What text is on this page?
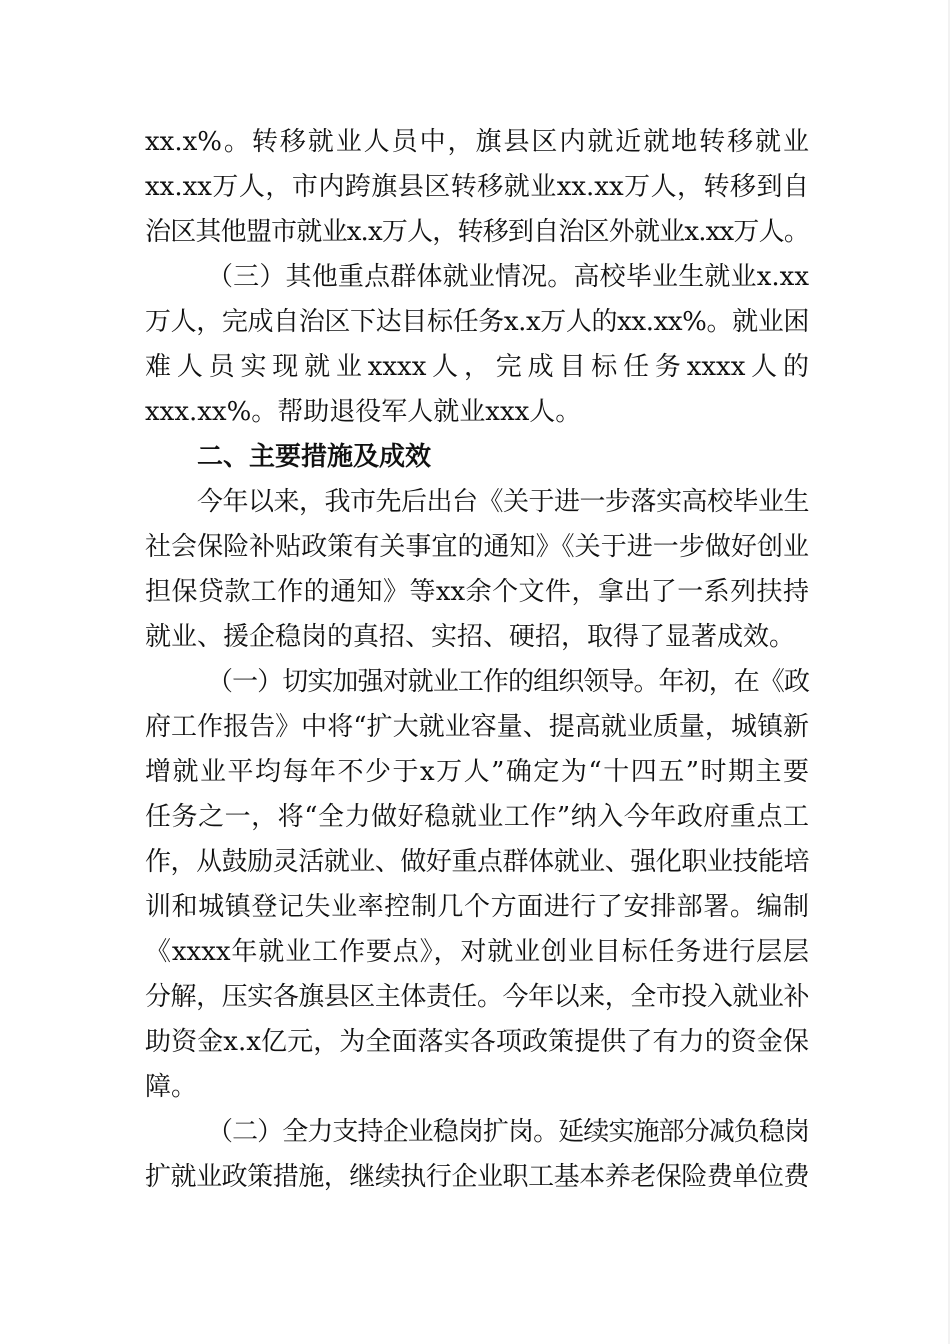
xx.x%。转移就业人员中，旗县区内就近就地转移就业

xx.xx万人，市内跨旗县区转移就业xx.xx万人，转移到自

治区其他盟市就业x.x万人，转移到自治区外就业x.xx万人。

（三）其他重点群体就业情况。高校毕业生就业x.xx

万人，完成自治区下达目标任务x.x万人的xx.xx%。就业困

难人员实现就业xxxx人，完成目标任务xxxx人的

xxx.xx%。帮助退役军人就业xxx人。

二、主要措施及成效

今年以来，我市先后出台《关于进一步落实高校毕业生

社会保险补贴政策有关事宜的通知》《关于进一步做好创业

担保贷款工作的通知》等xx余个文件，拿出了一系列扶持

就业、援企稳岗的真招、实招、硬招，取得了显著成效。

（一）切实加强对就业工作的组织领导。年初，在《政

府工作报告》中将“扩大就业容量、提高就业质量，城镇新

增就业平均每年不少于x万人”确定为“十四五”时期主要

任务之一，将“全力做好稳就业工作”纳入今年政府重点工

作，从鼓励灵活就业、做好重点群体就业、强化职业技能培

训和城镇登记失业率控制几个方面进行了安排部署。编制

《xxxx年就业工作要点》，对就业创业目标任务进行层层

分解，压实各旗县区主体责任。今年以来，全市投入就业补

助资金x.x亿元，为全面落实各项政策提供了有力的资金保

障。

（二）全力支持企业稳岗扩岗。延续实施部分减负稳岗

扩就业政策措施，继续执行企业职工基本养老保险费单位费
